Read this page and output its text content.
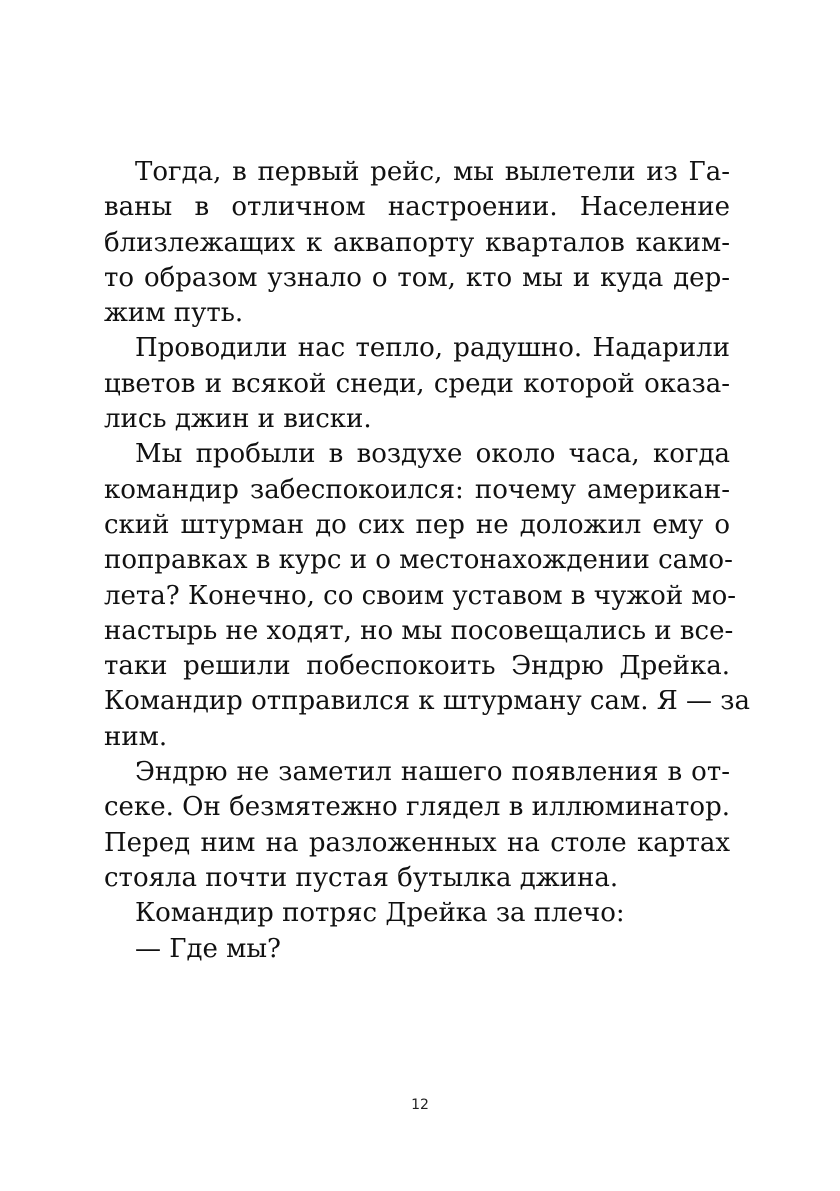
Тогда, в первый рейс, мы вылетели из Га-
ваны в отличном настроении. Население
близлежащих к аквапорту кварталов каким-
то образом узнало о том, кто мы и куда дер-
жим путь.
Проводили нас тепло, радушно. Надарили
цветов и всякой снеди, среди которой оказа-
лись джин и виски.
Мы пробыли в воздухе около часа, когда
командир забеспокоился: почему американ-
ский штурман до сих пер не доложил ему о
поправках в курс и о местонахождении само-
лета? Конечно, со своим уставом в чужой мо-
настырь не ходят, но мы посовещались и все-
таки решили побеспокоить Эндрю Дрейка.
Командир отправился к штурману сам. Я — за
ним.
Эндрю не заметил нашего появления в от-
секе. Он безмятежно глядел в иллюминатор.
Перед ним на разложенных на столе картах
стояла почти пустая бутылка джина.
Командир потряс Дрейка за плечо:
— Где мы?
12
